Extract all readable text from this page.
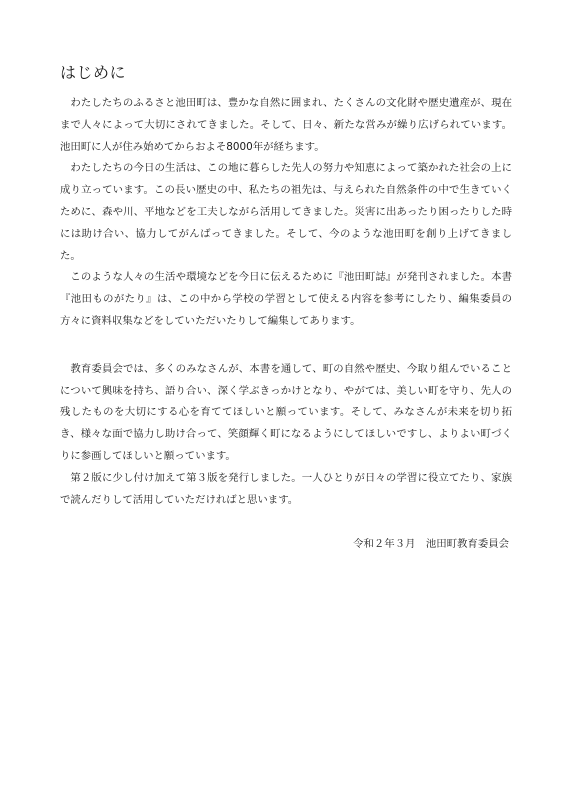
はじめに

わたしたちのふるさと池田町は、豊かな自然に囲まれ、たくさんの文化財や歴史遺産が、現在まで人々によって大切にされてきました。そして、日々、新たな営みが繰り広げられています。池田町に人が住み始めてからおよそ8000年が経ちます。

わたしたちの今日の生活は、この地に暮らした先人の努力や知恵によって築かれた社会の上に成り立っています。この長い歴史の中、私たちの祖先は、与えられた自然条件の中で生きていくために、森や川、平地などを工夫しながら活用してきました。災害に出あったり困ったりした時には助け合い、協力してがんばってきました。そして、今のような池田町を創り上げてきました。

このような人々の生活や環境などを今日に伝えるために『池田町誌』が発刊されました。本書『池田ものがたり』は、この中から学校の学習として使える内容を参考にしたり、編集委員の方々に資料収集などをしていただいたりして編集してあります。

教育委員会では、多くのみなさんが、本書を通して、町の自然や歴史、今取り組んでいることについて興味を持ち、語り合い、深く学ぶきっかけとなり、やがては、美しい町を守り、先人の残したものを大切にする心を育ててほしいと願っています。そして、みなさんが未来を切り拓き、様々な面で協力し助け合って、笑顔輝く町になるようにしてほしいですし、よりよい町づくりに参画してほしいと願っています。

第２版に少し付け加えて第３版を発行しました。一人ひとりが日々の学習に役立てたり、家族で読んだりして活用していただければと思います。

令和２年３月　池田町教育委員会
